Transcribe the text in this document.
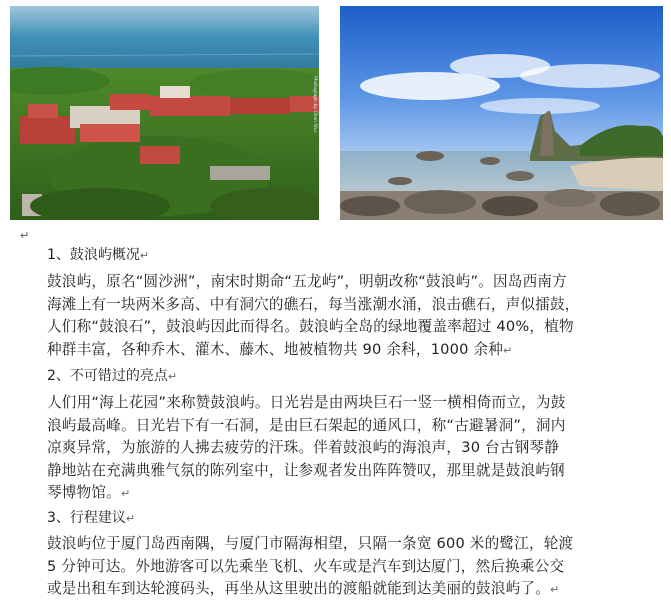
Photograph by Chen Shu
↵
1、鼓浪屿概况↵

鼓浪屿，原名“圆沙洲”，南宋时期命“五龙屿”，明朝改称“鼓浪屿”。因岛西南方

海滩上有一块两米多高、中有洞穴的礁石，每当涨潮水涌，浪击礁石，声似擂鼓，

人们称“鼓浪石”，鼓浪屿因此而得名。鼓浪屿全岛的绿地覆盖率超过 40%，植物

种群丰富，各种乔木、灌木、藤木、地被植物共 90 余科，1000 余种↵

2、不可错过的亮点↵

人们用“海上花园”来称赞鼓浪屿。日光岩是由两块巨石一竖一横相倚而立，为鼓

浪屿最高峰。日光岩下有一石洞，是由巨石架起的通风口，称“古避暑洞”，洞内

凉爽异常，为旅游的人拂去疲劳的汗珠。伴着鼓浪屿的海浪声，30 台古钢琴静

静地站在充满典雅气氛的陈列室中，让参观者发出阵阵赞叹，那里就是鼓浪屿钢

琴博物馆。↵

3、行程建议↵

鼓浪屿位于厦门岛西南隅，与厦门市隔海相望，只隔一条宽 600 米的鹭江，轮渡

5 分钟可达。外地游客可以先乘坐飞机、火车或是汽车到达厦门，然后换乘公交

或是出租车到达轮渡码头，再坐从这里驶出的渡船就能到达美丽的鼓浪屿了。↵
